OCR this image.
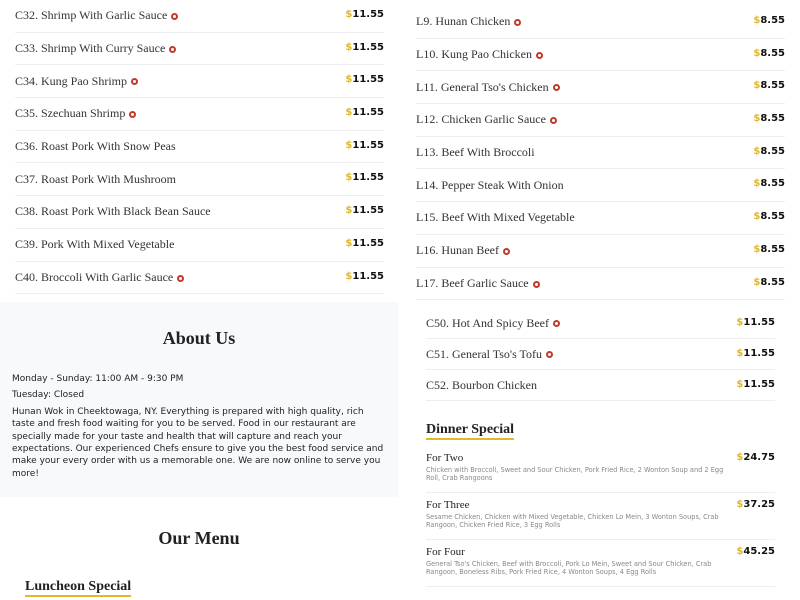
C32. Shrimp With Garlic Sauce	$11.55
C33. Shrimp With Curry Sauce	$11.55
C34. Kung Pao Shrimp	$11.55
C35. Szechuan Shrimp	$11.55
C36. Roast Pork With Snow Peas	$11.55
C37. Roast Pork With Mushroom	$11.55
C38. Roast Pork With Black Bean Sauce	$11.55
C39. Pork With Mixed Vegetable	$11.55
C40. Broccoli With Garlic Sauce	$11.55
L9. Hunan Chicken	$8.55
L10. Kung Pao Chicken	$8.55
L11. General Tso's Chicken	$8.55
L12. Chicken Garlic Sauce	$8.55
L13. Beef With Broccoli	$8.55
L14. Pepper Steak With Onion	$8.55
L15. Beef With Mixed Vegetable	$8.55
L16. Hunan Beef	$8.55
L17. Beef Garlic Sauce	$8.55
C50. Hot And Spicy Beef	$11.55
C51. General Tso's Tofu	$11.55
C52. Bourbon Chicken	$11.55
About Us

Monday - Sunday: 11:00 AM - 9:30 PM

Tuesday: Closed

Hunan Wok in Cheektowaga, NY. Everything is prepared with high quality, rich taste and fresh food waiting for you to be served. Food in our restaurant are specially made for your taste and health that will capture and reach your expectations. Our experienced Chefs ensure to give you the best food service and make your every order with us a memorable one. We are now online to serve you more!

Our Menu
Luncheon Special
Dinner Special
For Two
Chicken with Broccoli, Sweet and Sour Chicken, Pork Fried Rice, 2 Wonton Soup and 2 Egg Roll, Crab Rangoons
$24.75
For Three
Sesame Chicken, Chicken with Mixed Vegetable, Chicken Lo Mein, 3 Wonton Soups, Crab Rangoon, Chicken Fried Rice, 3 Egg Rolls
$37.25
For Four
General Tso's Chicken, Beef with Broccoli, Pork Lo Mein, Sweet and Sour Chicken, Crab Rangoon, Boneless Ribs, Pork Fried Rice, 4 Wonton Soups, 4 Egg Rolls
$45.25
